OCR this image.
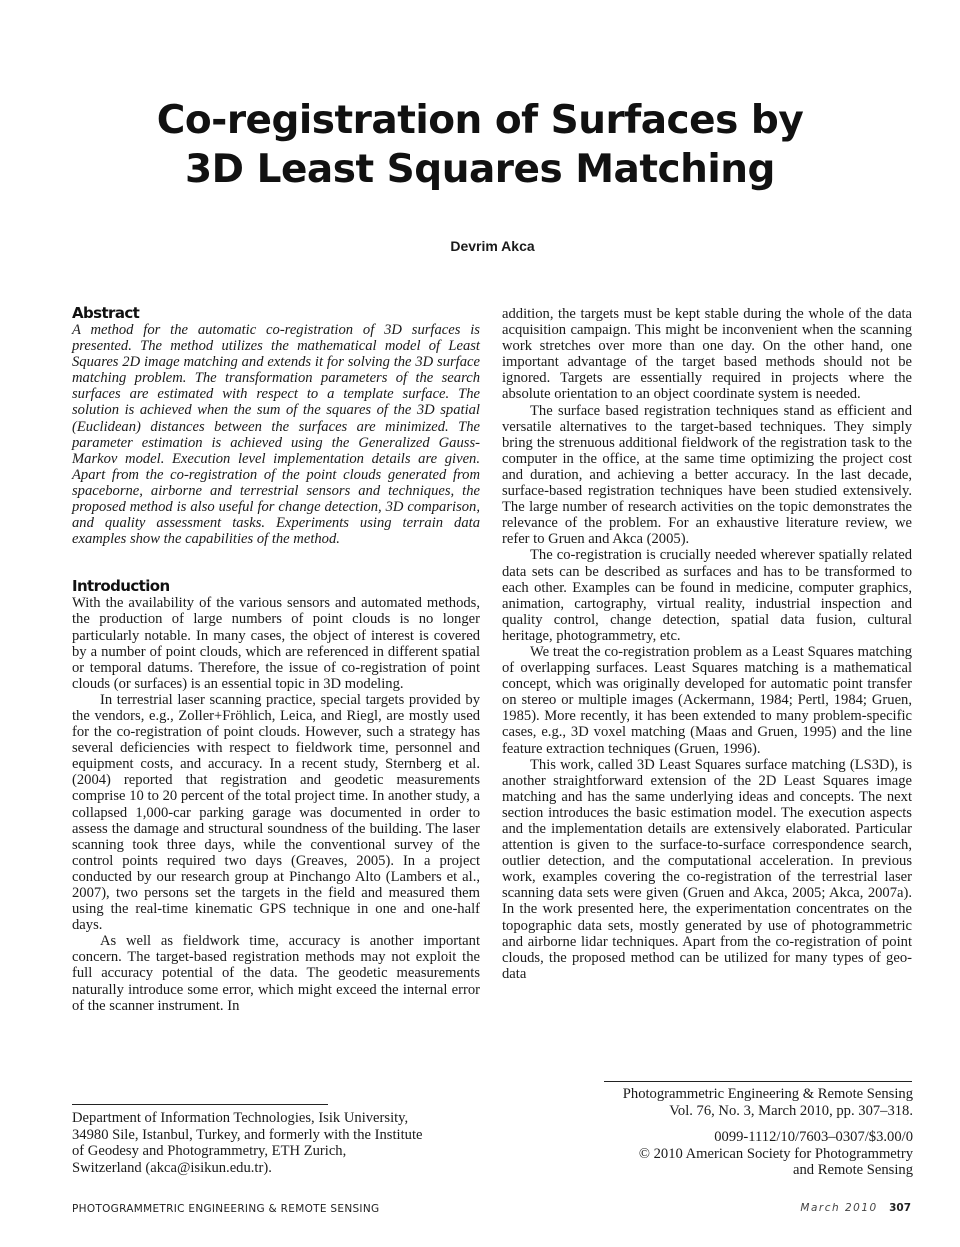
Co-registration of Surfaces by
3D Least Squares Matching
Devrim Akca
Abstract

A method for the automatic co-registration of 3D surfaces is presented. The method utilizes the mathematical model of Least Squares 2D image matching and extends it for solving the 3D surface matching problem. The transformation parameters of the search surfaces are estimated with respect to a template surface. The solution is achieved when the sum of the squares of the 3D spatial (Euclidean) distances between the surfaces are minimized. The parameter estimation is achieved using the Generalized Gauss-Markov model. Execution level implementation details are given. Apart from the co-registration of the point clouds generated from spaceborne, airborne and terrestrial sensors and techniques, the proposed method is also useful for change detection, 3D comparison, and quality assessment tasks. Experiments using terrain data examples show the capabilities of the method.

Introduction

With the availability of the various sensors and automated methods, the production of large numbers of point clouds is no longer particularly notable. In many cases, the object of interest is covered by a number of point clouds, which are referenced in different spatial or temporal datums. Therefore, the issue of co-registration of point clouds (or surfaces) is an essential topic in 3D modeling.

In terrestrial laser scanning practice, special targets provided by the vendors, e.g., Zoller+Fröhlich, Leica, and Riegl, are mostly used for the co-registration of point clouds. However, such a strategy has several deficiencies with respect to fieldwork time, personnel and equipment costs, and accuracy. In a recent study, Sternberg et al. (2004) reported that registration and geodetic measurements comprise 10 to 20 percent of the total project time. In another study, a collapsed 1,000-car parking garage was documented in order to assess the damage and structural soundness of the building. The laser scanning took three days, while the conventional survey of the control points required two days (Greaves, 2005). In a project conducted by our research group at Pinchango Alto (Lambers et al., 2007), two persons set the targets in the field and measured them using the real-time kinematic GPS technique in one and one-half days.

As well as fieldwork time, accuracy is another important concern. The target-based registration methods may not exploit the full accuracy potential of the data. The geodetic measurements naturally introduce some error, which might exceed the internal error of the scanner instrument. In

addition, the targets must be kept stable during the whole of the data acquisition campaign. This might be inconvenient when the scanning work stretches over more than one day. On the other hand, one important advantage of the target based methods should not be ignored. Targets are essentially required in projects where the absolute orientation to an object coordinate system is needed.

The surface based registration techniques stand as efficient and versatile alternatives to the target-based techniques. They simply bring the strenuous additional fieldwork of the registration task to the computer in the office, at the same time optimizing the project cost and duration, and achieving a better accuracy. In the last decade, surface-based registration techniques have been studied extensively. The large number of research activities on the topic demonstrates the relevance of the problem. For an exhaustive literature review, we refer to Gruen and Akca (2005).

The co-registration is crucially needed wherever spatially related data sets can be described as surfaces and has to be transformed to each other. Examples can be found in medicine, computer graphics, animation, cartography, virtual reality, industrial inspection and quality control, change detection, spatial data fusion, cultural heritage, photogrammetry, etc.

We treat the co-registration problem as a Least Squares matching of overlapping surfaces. Least Squares matching is a mathematical concept, which was originally developed for automatic point transfer on stereo or multiple images (Ackermann, 1984; Pertl, 1984; Gruen, 1985). More recently, it has been extended to many problem-specific cases, e.g., 3D voxel matching (Maas and Gruen, 1995) and the line feature extraction techniques (Gruen, 1996).

This work, called 3D Least Squares surface matching (LS3D), is another straightforward extension of the 2D Least Squares image matching and has the same underlying ideas and concepts. The next section introduces the basic estimation model. The execution aspects and the implementation details are extensively elaborated. Particular attention is given to the surface-to-surface correspondence search, outlier detection, and the computational acceleration. In previous work, examples covering the co-registration of the terrestrial laser scanning data sets were given (Gruen and Akca, 2005; Akca, 2007a). In the work presented here, the experimentation concentrates on the topographic data sets, mostly generated by use of photogrammetric and airborne lidar techniques. Apart from the co-registration of point clouds, the proposed method can be utilized for many types of geo-data

Department of Information Technologies, Isik University,
34980 Sile, Istanbul, Turkey, and formerly with the Institute
of Geodesy and Photogrammetry, ETH Zurich,
Switzerland (akca@isikun.edu.tr).
Photogrammetric Engineering & Remote Sensing
Vol. 76, No. 3, March 2010, pp. 307–318.
0099-1112/10/7603–0307/$3.00/0
© 2010 American Society for Photogrammetry
and Remote Sensing
PHOTOGRAMMETRIC ENGINEERING & REMOTE SENSING	March 2010 307
